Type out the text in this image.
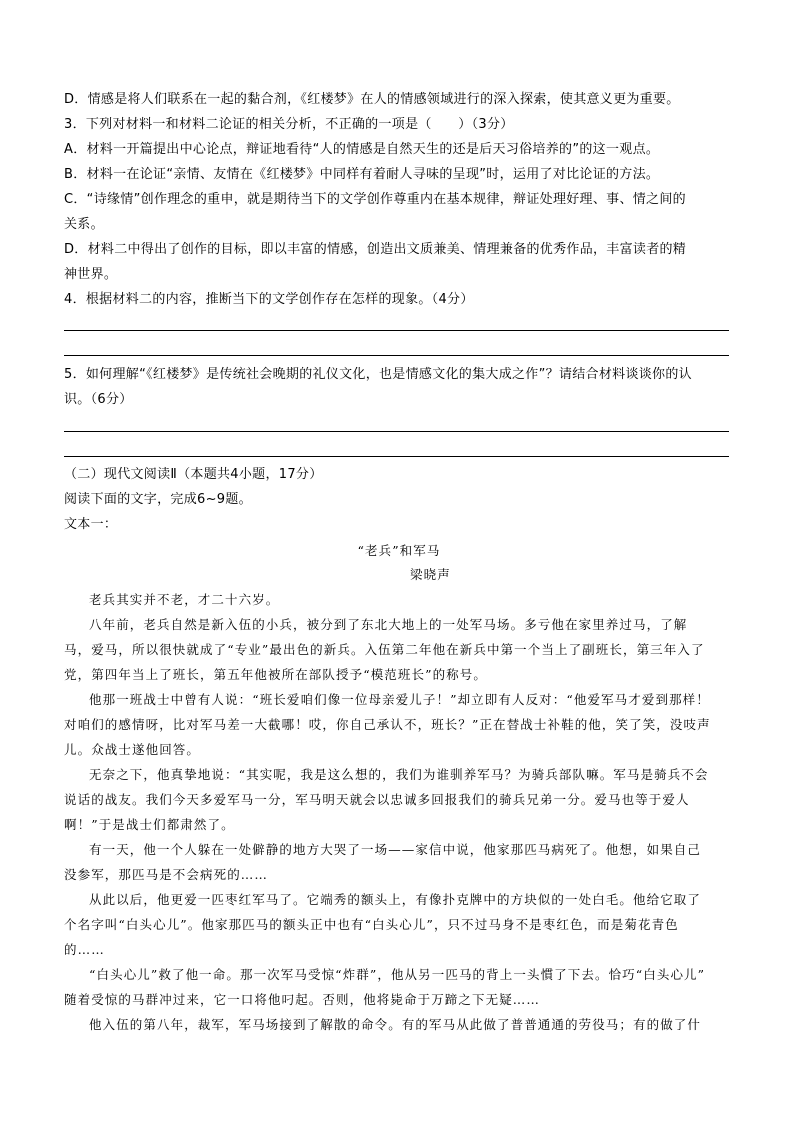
D．情感是将人们联系在一起的黏合剂，《红楼梦》在人的情感领域进行的深入探索，使其意义更为重要。
3．下列对材料一和材料二论证的相关分析，不正确的一项是（　　）（3分）
A．材料一开篇提出中心论点，辩证地看待“人的情感是自然天生的还是后天习俗培养的”的这一观点。
B．材料一在论证“亲情、友情在《红楼梦》中同样有着耐人寻味的呈现”时，运用了对比论证的方法。
C．“诗缘情”创作理念的重申，就是期待当下的文学创作尊重内在基本规律，辩证处理好理、事、情之间的
关系。
D．材料二中得出了创作的目标，即以丰富的情感，创造出文质兼美、情理兼备的优秀作品，丰富读者的精
神世界。
4．根据材料二的内容，推断当下的文学创作存在怎样的现象。（4分）
5．如何理解“《红楼梦》是传统社会晚期的礼仪文化，也是情感文化的集大成之作”？请结合材料谈谈你的认
识。（6分）
（二）现代文阅读Ⅱ（本题共4小题，17分）
阅读下面的文字，完成6~9题。
文本一：
“老兵”和军马
梁晓声
老兵其实并不老，才二十六岁。
八年前，老兵自然是新入伍的小兵，被分到了东北大地上的一处军马场。多亏他在家里养过马，了解
马，爱马，所以很快就成了“专业”最出色的新兵。入伍第二年他在新兵中第一个当上了副班长，第三年入了
党，第四年当上了班长，第五年他被所在部队授予“模范班长”的称号。
他那一班战士中曾有人说：“班长爱咱们像一位母亲爱儿子！”却立即有人反对：“他爱军马才爱到那样！
对咱们的感情呀，比对军马差一大截哪！哎，你自己承认不，班长？”正在替战士补鞋的他，笑了笑，没吱声
儿。众战士遂他回答。
无奈之下，他真挚地说：“其实呢，我是这么想的，我们为谁驯养军马？为骑兵部队嘛。军马是骑兵不会
说话的战友。我们今天多爱军马一分，军马明天就会以忠诚多回报我们的骑兵兄弟一分。爱马也等于爱人
啊！”于是战士们都肃然了。
有一天，他一个人躲在一处僻静的地方大哭了一场——家信中说，他家那匹马病死了。他想，如果自己
没参军，那匹马是不会病死的……
从此以后，他更爱一匹枣红军马了。它端秀的额头上，有像扑克牌中的方块似的一处白毛。他给它取了
个名字叫“白头心儿”。他家那匹马的额头正中也有“白头心儿”，只不过马身不是枣红色，而是菊花青色
的……
“白头心儿”救了他一命。那一次军马受惊“炸群”，他从另一匹马的背上一头慣了下去。恰巧“白头心儿”
随着受惊的马群冲过来，它一口将他叼起。否则，他将毙命于万蹄之下无疑……
他入伍的第八年，裁军，军马场接到了解散的命令。有的军马从此做了普普通通的劳役马；有的做了什
